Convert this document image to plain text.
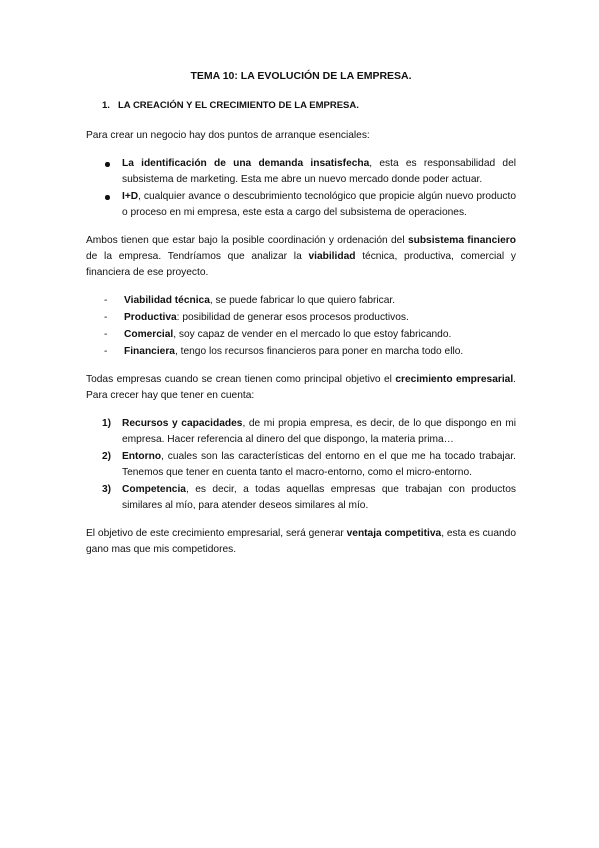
TEMA 10: LA EVOLUCIÓN DE LA EMPRESA.
1. LA CREACIÓN Y EL CRECIMIENTO DE LA EMPRESA.

Para crear un negocio hay dos puntos de arranque esenciales:

La identificación de una demanda insatisfecha, esta es responsabilidad del subsistema de marketing. Esta me abre un nuevo mercado donde poder actuar.
I+D, cualquier avance o descubrimiento tecnológico que propicie algún nuevo producto o proceso en mi empresa, este esta a cargo del subsistema de operaciones.

Ambos tienen que estar bajo la posible coordinación y ordenación del subsistema financiero de la empresa. Tendríamos que analizar la viabilidad técnica, productiva, comercial y financiera de ese proyecto.

- Viabilidad técnica, se puede fabricar lo que quiero fabricar.
- Productiva: posibilidad de generar esos procesos productivos.
- Comercial, soy capaz de vender en el mercado lo que estoy fabricando.
- Financiera, tengo los recursos financieros para poner en marcha todo ello.

Todas empresas cuando se crean tienen como principal objetivo el crecimiento empresarial. Para crecer hay que tener en cuenta:

1) Recursos y capacidades, de mi propia empresa, es decir, de lo que dispongo en mi empresa. Hacer referencia al dinero del que dispongo, la materia prima…
2) Entorno, cuales son las características del entorno en el que me ha tocado trabajar. Tenemos que tener en cuenta tanto el macro-entorno, como el micro-entorno.
3) Competencia, es decir, a todas aquellas empresas que trabajan con productos similares al mío, para atender deseos similares al mío.

El objetivo de este crecimiento empresarial, será generar ventaja competitiva, esta es cuando gano mas que mis competidores.
